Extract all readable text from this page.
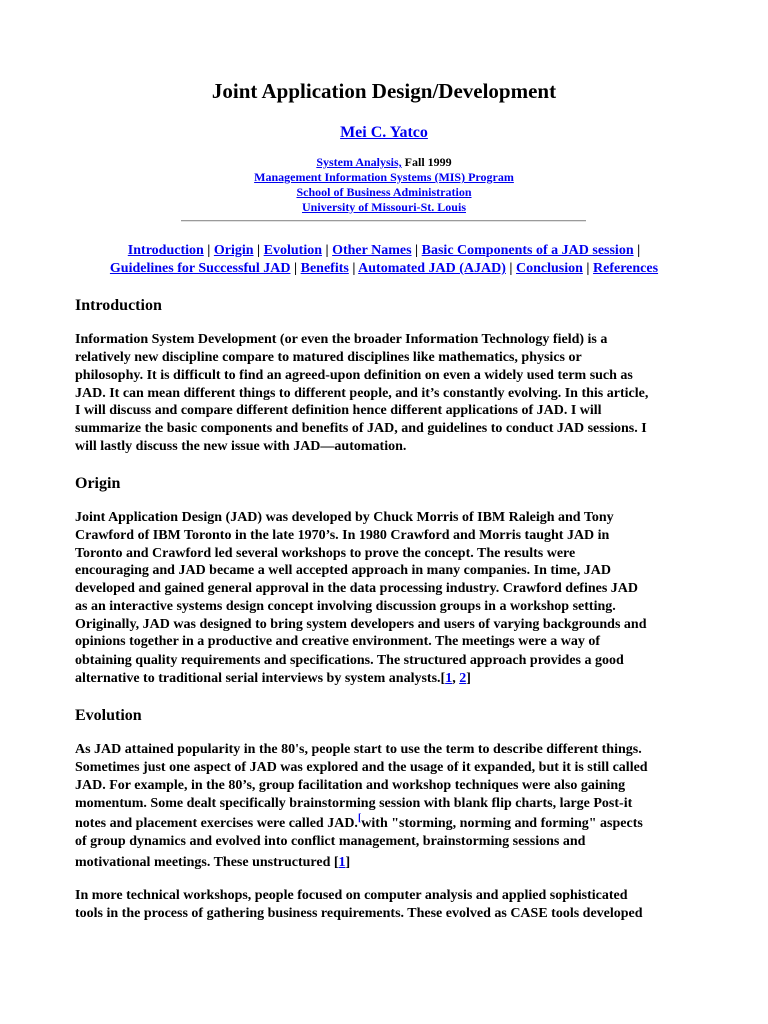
Joint Application Design/Development
Mei C. Yatco
System Analysis, Fall 1999
Management Information Systems (MIS) Program
School of Business Administration
University of Missouri-St. Louis
Introduction | Origin | Evolution | Other Names | Basic Components of a JAD session |
Guidelines for Successful JAD | Benefits | Automated JAD (AJAD) | Conclusion | References
Introduction
Information System Development (or even the broader Information Technology field) is a
relatively new discipline compare to matured disciplines like mathematics, physics or
philosophy. It is difficult to find an agreed-upon definition on even a widely used term such as
JAD. It can mean different things to different people, and it’s constantly evolving. In this article,
I will discuss and compare different definition hence different applications of JAD. I will
summarize the basic components and benefits of JAD, and guidelines to conduct JAD sessions. I
will lastly discuss the new issue with JAD—automation.
Origin
Joint Application Design (JAD) was developed by Chuck Morris of IBM Raleigh and Tony
Crawford of IBM Toronto in the late 1970’s. In 1980 Crawford and Morris taught JAD in
Toronto and Crawford led several workshops to prove the concept. The results were
encouraging and JAD became a well accepted approach in many companies. In time, JAD
developed and gained general approval in the data processing industry. Crawford defines JAD
as an interactive systems design concept involving discussion groups in a workshop setting.
Originally, JAD was designed to bring system developers and users of varying backgrounds and
opinions together in a productive and creative environment. The meetings were a way of
obtaining quality requirements and specifications. The structured approach provides a good
alternative to traditional serial interviews by system analysts.[1, 2]
Evolution
As JAD attained popularity in the 80's, people start to use the term to describe different things.
Sometimes just one aspect of JAD was explored and the usage of it expanded, but it is still called
JAD. For example, in the 80’s, group facilitation and workshop techniques were also gaining
momentum. Some dealt specifically brainstorming session with blank flip charts, large Post-it
notes and placement exercises were called JAD.[with "storming, norming and forming" aspects
of group dynamics and evolved into conflict management, brainstorming sessions and
motivational meetings. These unstructured [1]
In more technical workshops, people focused on computer analysis and applied sophisticated
tools in the process of gathering business requirements. These evolved as CASE tools developed
